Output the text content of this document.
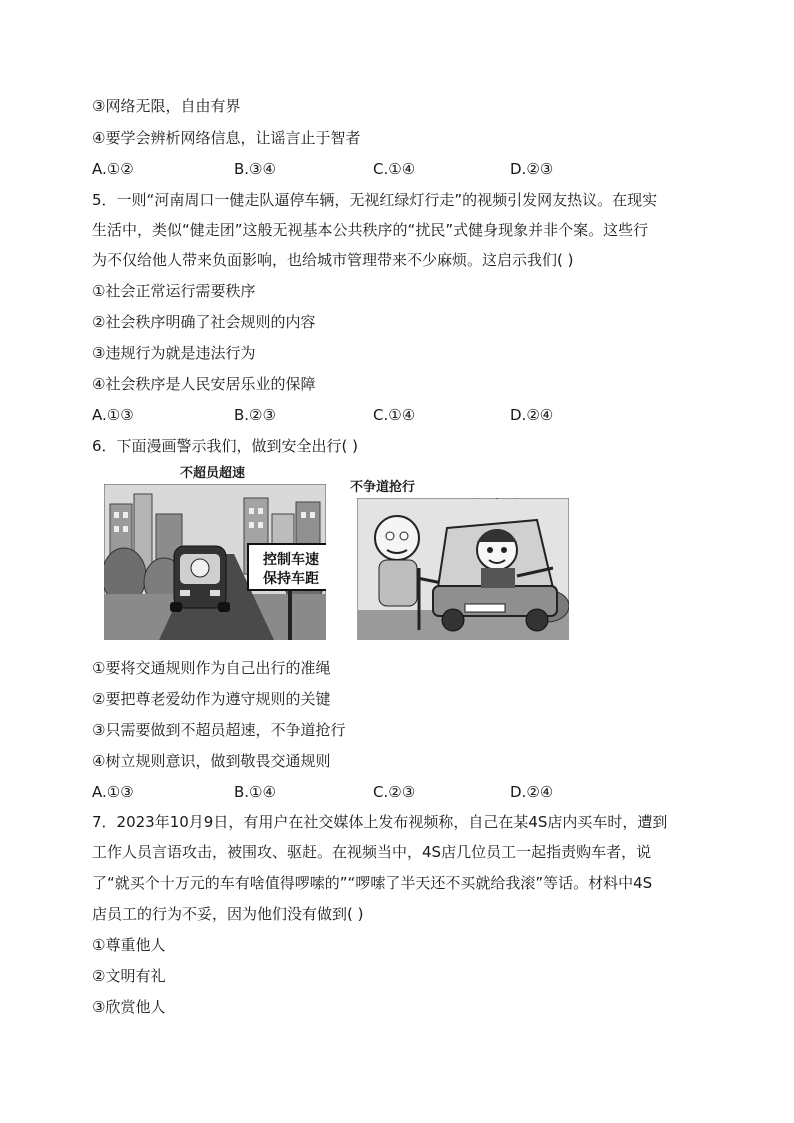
③网络无限，自由有界
④要学会辨析网络信息，让谣言止于智者
A.①②	B.③④	C.①④	D.②③
5．一则“河南周口一健走队逼停车辆，无视红绿灯行走”的视频引发网友热议。在现实
生活中，类似“健走团”这般无视基本公共秩序的“扰民”式健身现象并非个案。这些行
为不仅给他人带来负面影响，也给城市管理带来不少麻烦。这启示我们( )
①社会正常运行需要秩序
②社会秩序明确了社会规则的内容
③违规行为就是违法行为
④社会秩序是人民安居乐业的保障
A.①③	B.②③	C.①④	D.②④
6．下面漫画警示我们，做到安全出行( )
不超员超速
控制车速
保持车距
不争道抢行
①要将交通规则作为自己出行的准绳
②要把尊老爱幼作为遵守规则的关键
③只需要做到不超员超速，不争道抢行
④树立规则意识，做到敬畏交通规则
A.①③	B.①④	C.②③	D.②④
7．2023年10月9日，有用户在社交媒体上发布视频称，自己在某4S店内买车时，遭到
工作人员言语攻击，被围攻、驱赶。在视频当中，4S店几位员工一起指责购车者，说
了“就买个十万元的车有啥值得啰嗦的”“啰嗦了半天还不买就给我滚”等话。材料中4S
店员工的行为不妥，因为他们没有做到( )
①尊重他人
②文明有礼
③欣赏他人
